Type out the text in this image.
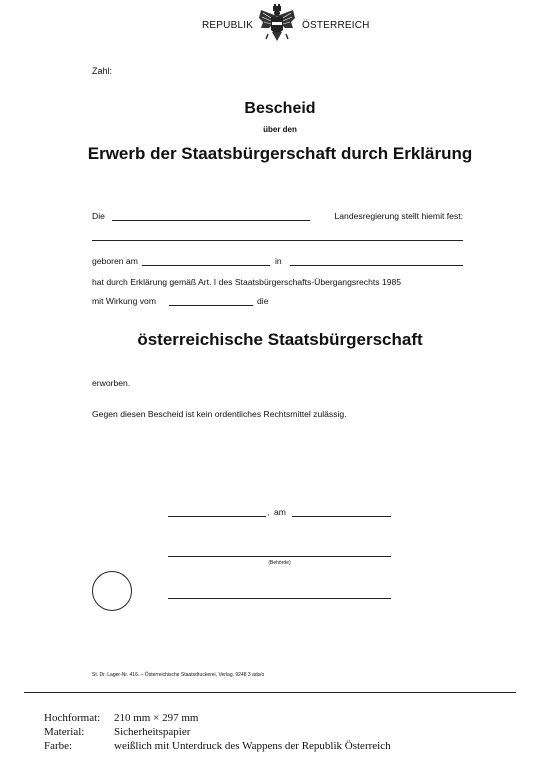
REPUBLIK	ÖSTERREICH
Zahl:
Bescheid
über den
Erwerb der Staatsbürgerschaft durch Erklärung
Die	Landesregierung stellt hiemit fest:
geboren am	in
hat durch Erklärung gemäß Art. I des Staatsbürgerschafts-Übergangsrechts 1985
mit Wirkung vom	die
österreichische Staatsbürgerschaft
erworben.
Gegen diesen Bescheid ist kein ordentliches Rechtsmittel zulässig.
, am
(Behörde)
St. Dr. Lager-Nr. 416. – Österreichische Staatsdruckerei, Verlag. 9248 3 ads/o
Hochformat: 210 mm × 297 mm
Material:	Sicherheitspapier
Farbe:	weißlich mit Unterdruck des Wappens der Republik Österreich
